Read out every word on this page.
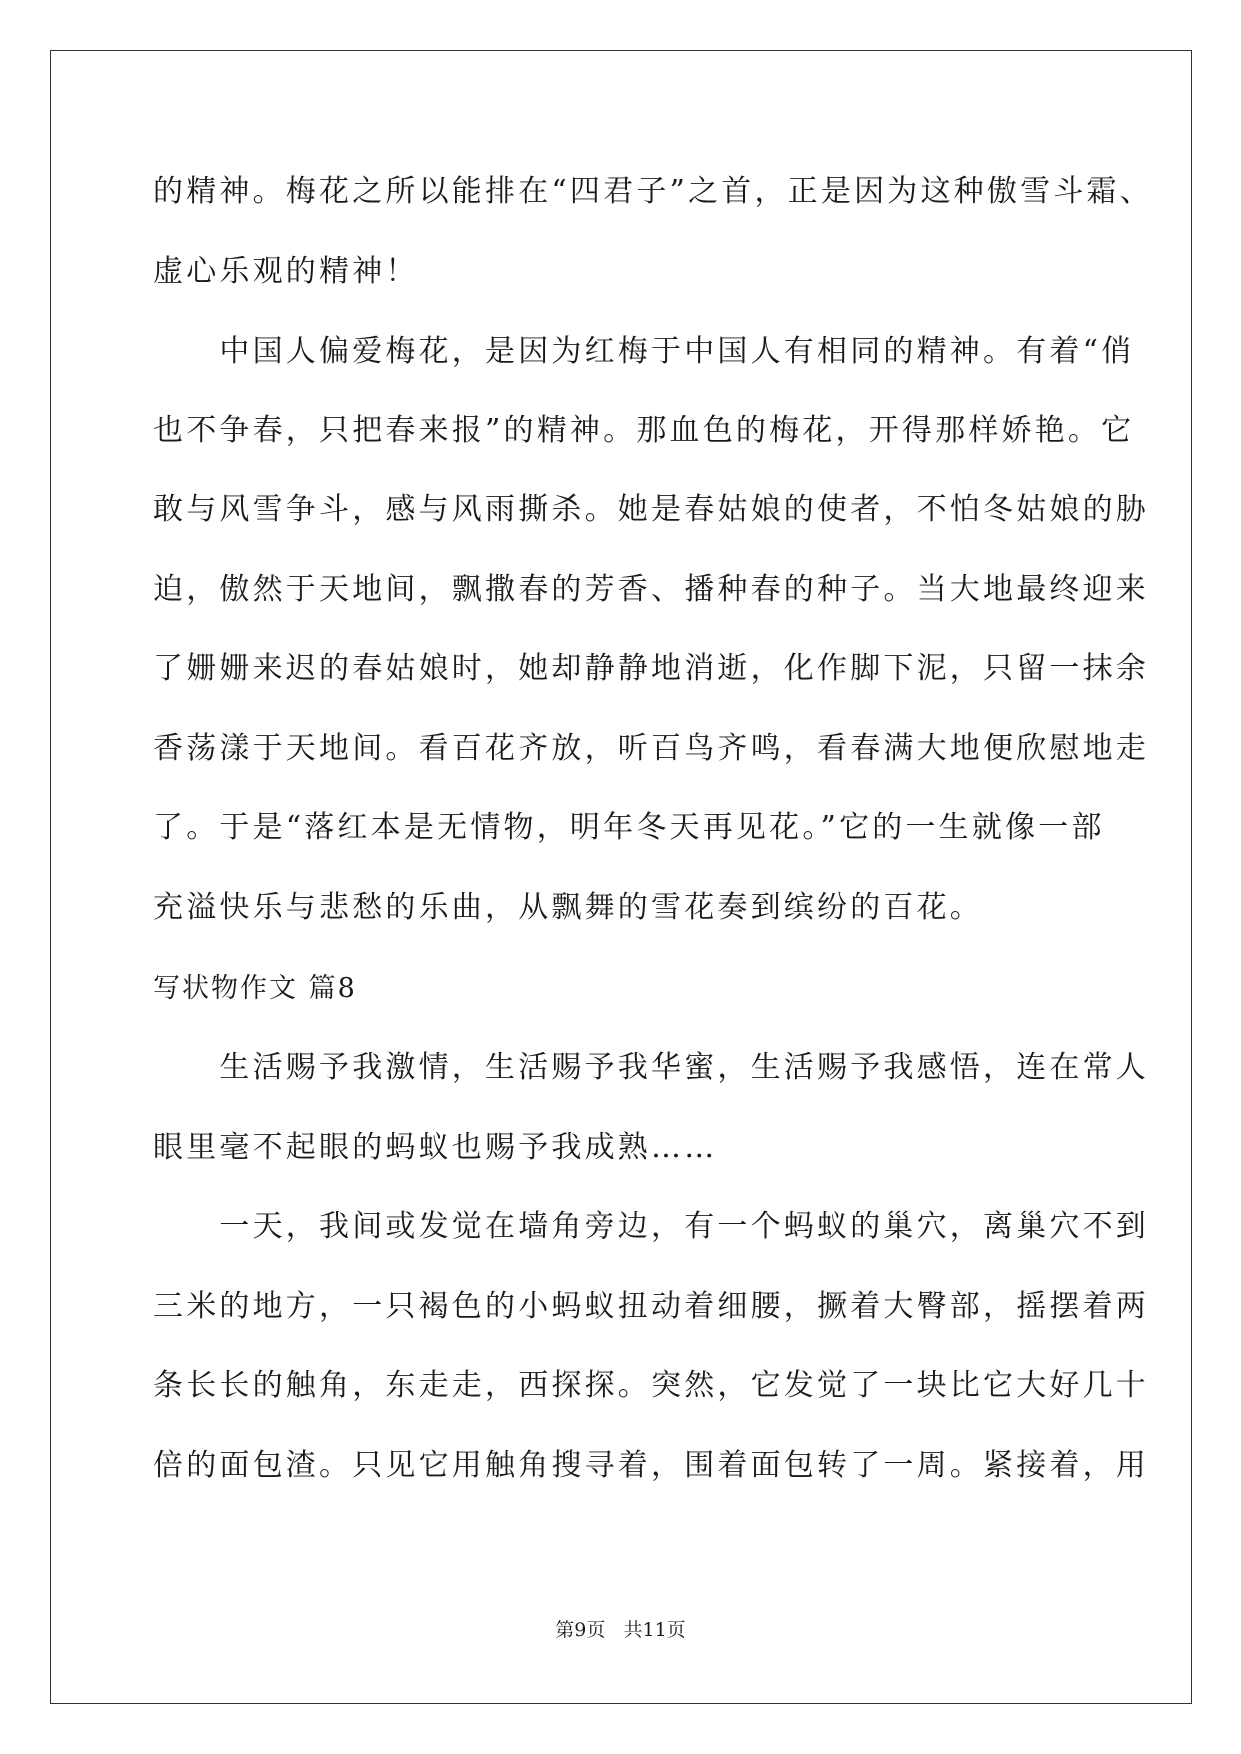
的精神。梅花之所以能排在“四君子”之首，正是因为这种傲雪斗霜、
虚心乐观的精神！
　　中国人偏爱梅花，是因为红梅于中国人有相同的精神。有着“俏
也不争春，只把春来报”的精神。那血色的梅花，开得那样娇艳。它
敢与风雪争斗，感与风雨撕杀。她是春姑娘的使者，不怕冬姑娘的胁
迫，傲然于天地间，飘撒春的芳香、播种春的种子。当大地最终迎来
了姗姗来迟的春姑娘时，她却静静地消逝，化作脚下泥，只留一抹余
香荡漾于天地间。看百花齐放，听百鸟齐鸣，看春满大地便欣慰地走
了。于是“落红本是无情物，明年冬天再见花。”它的一生就像一部
充溢快乐与悲愁的乐曲，从飘舞的雪花奏到缤纷的百花。
写状物作文 篇8
　　生活赐予我激情，生活赐予我华蜜，生活赐予我感悟，连在常人
眼里毫不起眼的蚂蚁也赐予我成熟……
　　一天，我间或发觉在墙角旁边，有一个蚂蚁的巢穴，离巢穴不到
三米的地方，一只褐色的小蚂蚁扭动着细腰，撅着大臀部，摇摆着两
条长长的触角，东走走，西探探。突然，它发觉了一块比它大好几十
倍的面包渣。只见它用触角搜寻着，围着面包转了一周。紧接着，用
第9页   共11页
